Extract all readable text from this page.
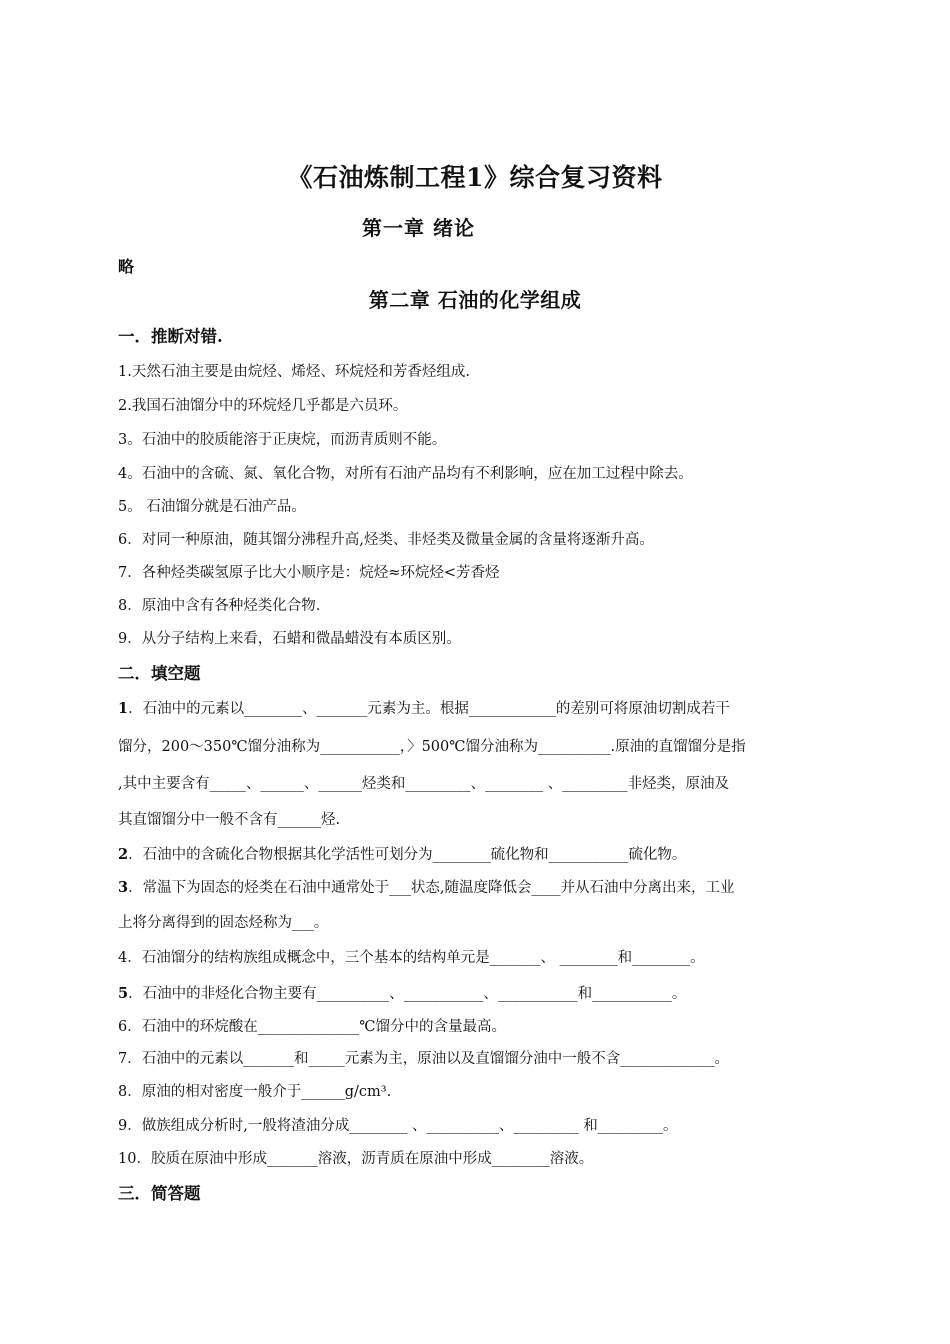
《石油炼制工程1》综合复习资料
第一章 绪论
略
第二章 石油的化学组成
一．推断对错.
1.天然石油主要是由烷烃、烯烃、环烷烃和芳香烃组成.
2.我国石油馏分中的环烷烃几乎都是六员环。
3。石油中的胶质能溶于正庚烷，而沥青质则不能。
4。石油中的含硫、氮、氧化合物，对所有石油产品均有不利影响，应在加工过程中除去。
5。 石油馏分就是石油产品。
6．对同一种原油，随其馏分沸程升高,烃类、非烃类及微量金属的含量将逐渐升高。
7．各种烃类碳氢原子比大小顺序是：烷烃≈环烷烃<芳香烃
8．原油中含有各种烃类化合物.
9．从分子结构上来看，石蜡和微晶蜡没有本质区别。
二．填空题
1．石油中的元素以________、_______元素为主。根据____________的差别可将原油切割成若干
馏分，200～350℃馏分油称为___________，〉500℃馏分油称为__________.原油的直馏馏分是指
,其中主要含有_____、______、______烃类和_________、________ 、_________非烃类，原油及
其直馏馏分中一般不含有______烃.
2．石油中的含硫化合物根据其化学活性可划分为________硫化物和___________硫化物。
3．常温下为固态的烃类在石油中通常处于___状态,随温度降低会____并从石油中分离出来，工业
上将分离得到的固态烃称为___。
4．石油馏分的结构族组成概念中，三个基本的结构单元是_______、 ________和________。
5．石油中的非烃化合物主要有__________、___________、___________和___________。
6．石油中的环烷酸在______________℃馏分中的含量最高。
7．石油中的元素以_______和_____元素为主，原油以及直馏馏分油中一般不含_____________。
8．原油的相对密度一般介于______g/cm³.
9．做族组成分析时,一般将渣油分成________ 、__________、_________ 和_________。
10．胶质在原油中形成_______溶液，沥青质在原油中形成________溶液。
三．简答题
